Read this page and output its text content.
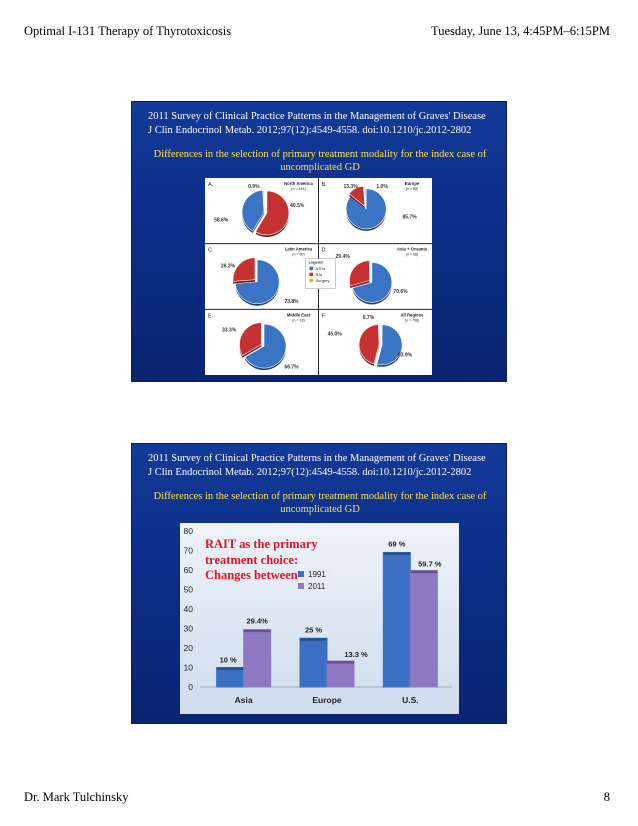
Optimal I-131 Therapy of Thyrotoxicosis	Tuesday, June 13, 4:45PM–6:15PM
2011 Survey of Clinical Practice Patterns in the Management of Graves' Disease
J Clin Endocrinol Metab. 2012;97(12):4549-4558. doi:10.1210/jc.2012-2802
Differences in the selection of primary treatment modality for the index case of
uncomplicated GD
A.	North America
(n = 444)
58.6%
40.5%
0.9%	B.	Europe
(n = 98)
85.7%
13.3%	1.0%
C.	Latin America
(n = 80)
73.8%
26.3%
Legend
ATDs
RAI
Surgery
D.	Asia + Oceania
(n = 68)
70.6%
29.4%
E.	Middle East
(n = 18)
66.7%
33.3%
F.	All Regions
(n = 708)
53.9%
45.0%
0.7%
2011 Survey of Clinical Practice Patterns in the Management of Graves' Disease
J Clin Endocrinol Metab. 2012;97(12):4549-4558. doi:10.1210/jc.2012-2802
Differences in the selection of primary treatment modality for the index case of
uncomplicated GD
0
10
20
30
40
50
60
70
80
Asia	Europe	U.S.
10 %
29.4%
25 %
13.3 %
69 %
59.7 %
1991
2011
RAIT as the primary
treatment choice:
Changes between
Dr. Mark Tulchinsky	8
